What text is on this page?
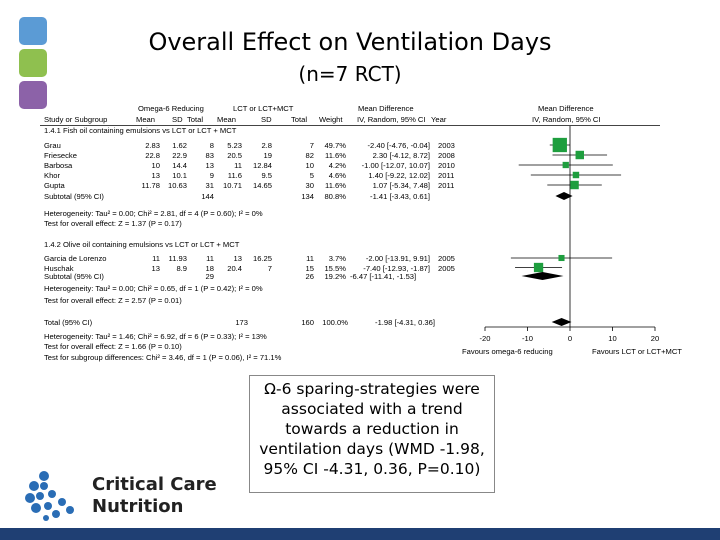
Overall Effect on Ventilation Days
(n=7 RCT)
Omega-6 Reducing	LCT or LCT+MCT	Mean Difference	Mean Difference
Study or Subgroup	Mean SD Total Mean	SD	Total Weight IV, Random, 95% CI Year	IV, Random, 95% CI
1.4.1 Fish oil containing emulsions vs LCT or LCT + MCT
Grau	2.83	1.62	8	5.23	2.8	7	49.7%	-2.40 [-4.76, -0.04] 2003
Friesecke	22.8	22.9	83	20.5	19	82	11.6%	2.30 [-4.12, 8.72] 2008
Barbosa	10	14.4	13	11	12.84	10	4.2%	-1.00 [-12.07, 10.07] 2010
Khor	13	10.1	9	11.6	9.5	5	4.6%	1.40 [-9.22, 12.02] 2011
Gupta	11.78	10.63	31	10.71	14.65	30	11.6%	1.07 [-5.34, 7.48] 2011
Subtotal (95% CI)	144	134	80.8%	-1.41 [-3.43, 0.61]
Heterogeneity: Tau² = 0.00; Chi² = 2.81, df = 4 (P = 0.60); I² = 0%
Test for overall effect: Z = 1.37 (P = 0.17)
1.4.2 Olive oil containing emulsions vs LCT or LCT + MCT
Garcia de Lorenzo	11	11.93	11	13	16.25	11	3.7%	-2.00 [-13.91, 9.91] 2005
Huschak	13	8.9	18	20.4	7	15	15.5%	-7.40 [-12.93, -1.87] 2005
Subtotal (95% CI)	29	26	19.2% -6.47 [-11.41, -1.53]
Heterogeneity: Tau² = 0.00; Chi² = 0.65, df = 1 (P = 0.42); I² = 0%
Test for overall effect: Z = 2.57 (P = 0.01)
Total (95% CI)	173	160	100.0%	-1.98 [-4.31, 0.36]
Heterogeneity: Tau² = 1.46; Chi² = 6.92, df = 6 (P = 0.33); I² = 13%
Test for overall effect: Z = 1.66 (P = 0.10)
Test for subgroup differences: Chi² = 3.46, df = 1 (P = 0.06), I² = 71.1%
-20	-10	0	10	20
Favours omega-6 reducing	Favours LCT or LCT+MCT
Ω-6 sparing-strategies were associated with a trend towards a reduction in ventilation days (WMD -1.98, 95% CI -4.31, 0.36, P=0.10)
Critical Care
Nutrition
